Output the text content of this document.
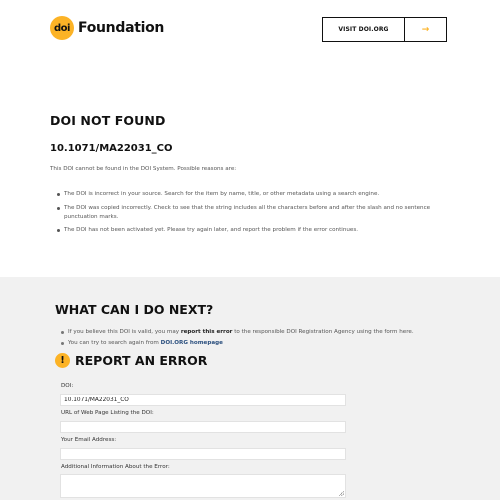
doi Foundation	VISIT DOI.ORG	→
DOI NOT FOUND
10.1071/MA22031_CO

This DOI cannot be found in the DOI System. Possible reasons are:

The DOI is incorrect in your source. Search for the item by name, title, or other metadata using a search engine.
The DOI was copied incorrectly. Check to see that the string includes all the characters before and after the slash and no sentence punctuation marks.
The DOI has not been activated yet. Please try again later, and report the problem if the error continues.
WHAT CAN I DO NEXT?
If you believe this DOI is valid, you may report this error to the responsible DOI Registration Agency using the form here.
You can try to search again from DOI.ORG homepage
! REPORT AN ERROR
DOI:
10.1071/MA22031_CO
URL of Web Page Listing the DOI:
Your Email Address:
Additional Information About the Error:
